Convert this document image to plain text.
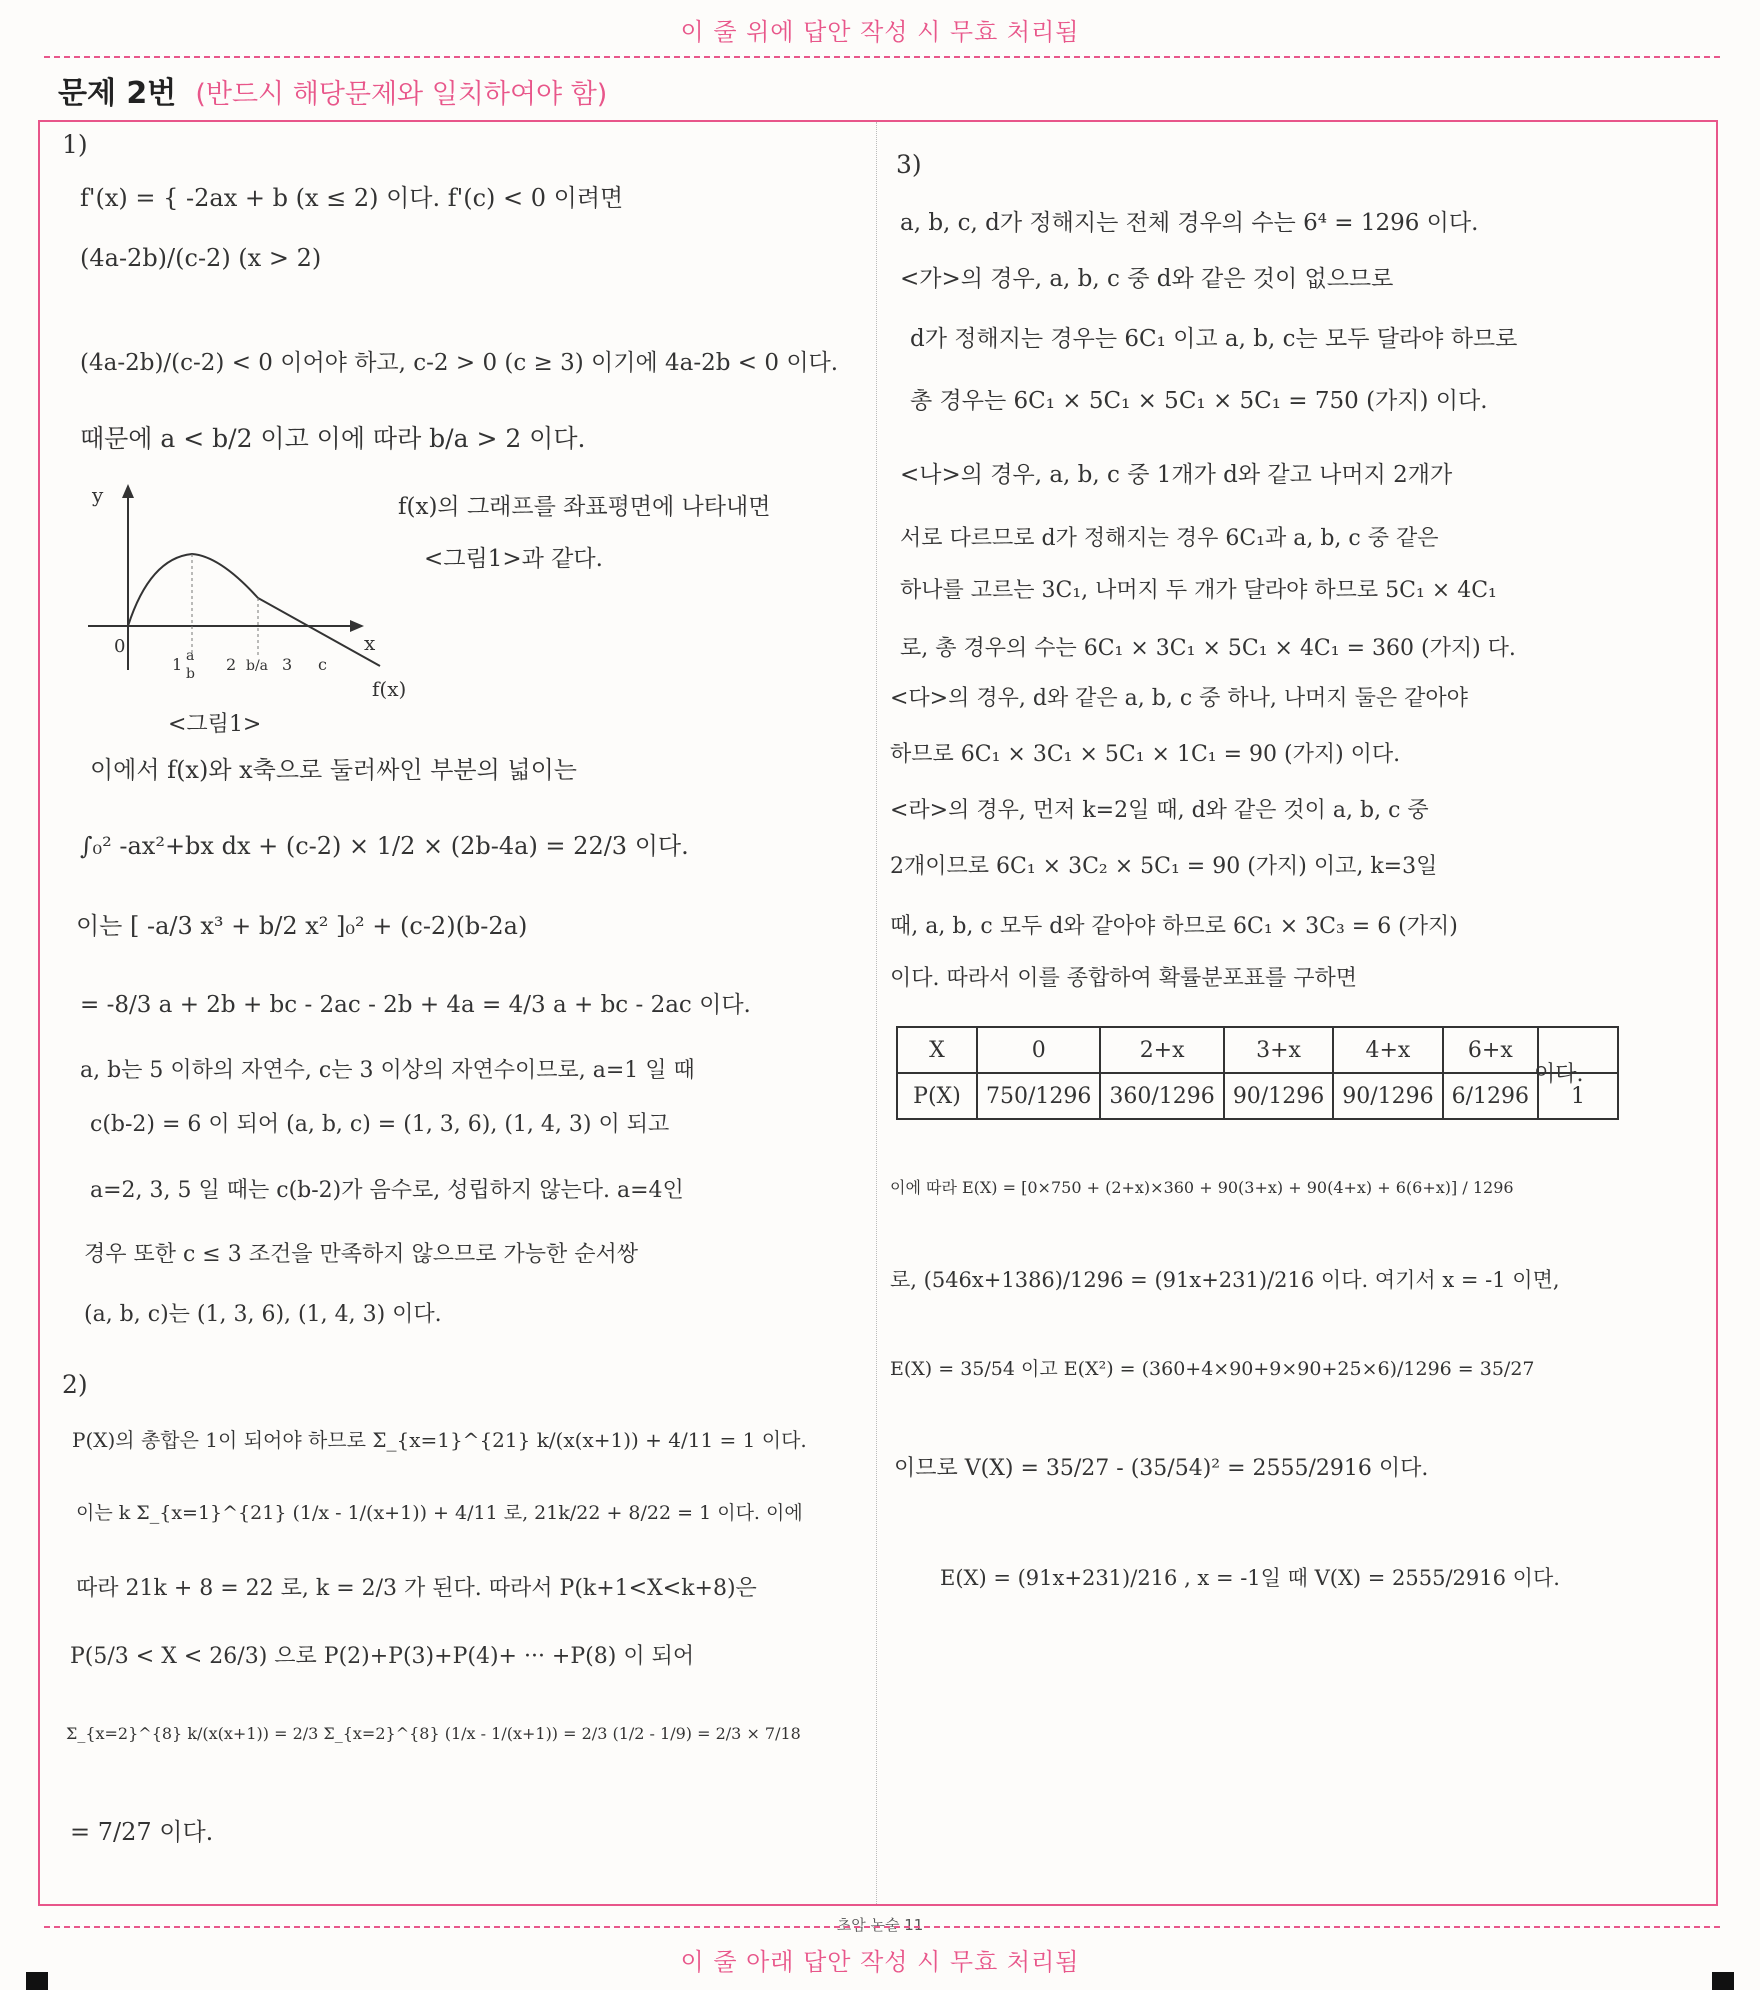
이 줄 위에 답안 작성 시 무효 처리됨
문제 2번 (반드시 해당문제와 일치하여야 함)
1)
f'(x) = { -2ax + b (x ≤ 2) 이다. f'(c) < 0 이려면
(4a-2b)/(c-2) (x > 2)
(4a-2b)/(c-2) < 0 이어야 하고, c-2 > 0 (c ≥ 3) 이기에 4a-2b < 0 이다.
때문에 a < b/2 이고 이에 따라 b/a > 2 이다.
f(x)의 그래프를 좌표평면에 나타내면
<그림1>과 같다.
y
x
0
1 a
b 2 b/a 3 c
f(x)
<그림1>
이에서 f(x)와 x축으로 둘러싸인 부분의 넓이는
∫₀² -ax²+bx dx + (c-2) × 1/2 × (2b-4a) = 22/3 이다.
이는 [ -a/3 x³ + b/2 x² ]₀² + (c-2)(b-2a)
= -8/3 a + 2b + bc - 2ac - 2b + 4a = 4/3 a + bc - 2ac 이다.
a, b는 5 이하의 자연수, c는 3 이상의 자연수이므로, a=1 일 때
c(b-2) = 6 이 되어 (a, b, c) = (1, 3, 6), (1, 4, 3) 이 되고
a=2, 3, 5 일 때는 c(b-2)가 음수로, 성립하지 않는다. a=4인
경우 또한 c ≤ 3 조건을 만족하지 않으므로 가능한 순서쌍
(a, b, c)는 (1, 3, 6), (1, 4, 3) 이다.
2)
P(X)의 총합은 1이 되어야 하므로 Σ_{x=1}^{21} k/(x(x+1)) + 4/11 = 1 이다.
이는 k Σ_{x=1}^{21} (1/x - 1/(x+1)) + 4/11 로, 21k/22 + 8/22 = 1 이다. 이에
따라 21k + 8 = 22 로, k = 2/3 가 된다. 따라서 P(k+1<X<k+8)은
P(5/3 < X < 26/3) 으로 P(2)+P(3)+P(4)+ ··· +P(8) 이 되어
Σ_{x=2}^{8} k/(x(x+1)) = 2/3 Σ_{x=2}^{8} (1/x - 1/(x+1)) = 2/3 (1/2 - 1/9) = 2/3 × 7/18
= 7/27 이다.
3)
a, b, c, d가 정해지는 전체 경우의 수는 6⁴ = 1296 이다.
<가>의 경우, a, b, c 중 d와 같은 것이 없으므로
d가 정해지는 경우는 6C₁ 이고 a, b, c는 모두 달라야 하므로
총 경우는 6C₁ × 5C₁ × 5C₁ × 5C₁ = 750 (가지) 이다.
<나>의 경우, a, b, c 중 1개가 d와 같고 나머지 2개가
서로 다르므로 d가 정해지는 경우 6C₁과 a, b, c 중 같은
하나를 고르는 3C₁, 나머지 두 개가 달라야 하므로 5C₁ × 4C₁
로, 총 경우의 수는 6C₁ × 3C₁ × 5C₁ × 4C₁ = 360 (가지) 다.
<다>의 경우, d와 같은 a, b, c 중 하나, 나머지 둘은 같아야
하므로 6C₁ × 3C₁ × 5C₁ × 1C₁ = 90 (가지) 이다.
<라>의 경우, 먼저 k=2일 때, d와 같은 것이 a, b, c 중
2개이므로 6C₁ × 3C₂ × 5C₁ = 90 (가지) 이고, k=3일
때, a, b, c 모두 d와 같아야 하므로 6C₁ × 3C₃ = 6 (가지)
이다. 따라서 이를 종합하여 확률분포표를 구하면
X	0	2+x	3+x	4+x	6+x	
P(X)	750/1296	360/1296	90/1296	90/1296	6/1296	1
이다.
이에 따라 E(X) = [0×750 + (2+x)×360 + 90(3+x) + 90(4+x) + 6(6+x)] / 1296
로, (546x+1386)/1296 = (91x+231)/216 이다. 여기서 x = -1 이면,
E(X) = 35/54 이고 E(X²) = (360+4×90+9×90+25×6)/1296 = 35/27
이므로 V(X) = 35/27 - (35/54)² = 2555/2916 이다.
E(X) = (91x+231)/216 , x = -1일 때 V(X) = 2555/2916 이다.
초암 논술 11
이 줄 아래 답안 작성 시 무효 처리됨
